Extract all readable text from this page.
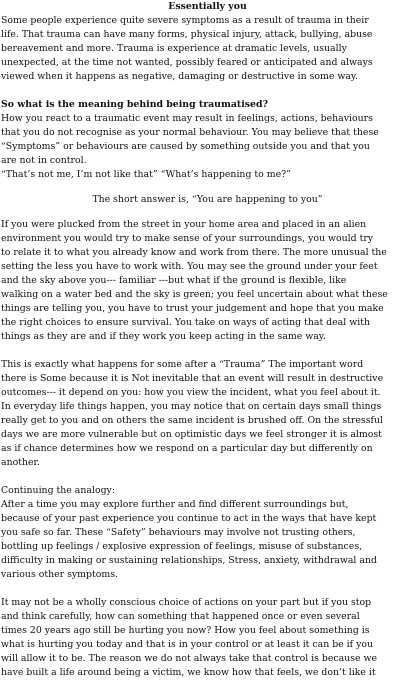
Essentially you
Some people experience quite severe symptoms as a result of trauma in their
life. That trauma can have many forms, physical injury, attack, bullying, abuse
bereavement and more. Trauma is experience at dramatic levels, usually
unexpected, at the time not wanted, possibly feared or anticipated and always
viewed when it happens as negative, damaging or destructive in some way.
So what is the meaning behind being traumatised?
How you react to a traumatic event may result in feelings, actions, behaviours
that you do not recognise as your normal behaviour. You may believe that these
“Symptoms” or behaviours are caused by something outside you and that you
are not in control.
“That’s not me, I’m not like that” “What’s happening to me?”
The short answer is, “You are happening to you”
If you were plucked from the street in your home area and placed in an alien
environment you would try to make sense of your surroundings, you would try
to relate it to what you already know and work from there. The more unusual the
setting the less you have to work with. You may see the ground under your feet
and the sky above you--- familiar ---but what if the ground is flexible, like
walking on a water bed and the sky is green; you feel uncertain about what these
things are telling you, you have to trust your judgement and hope that you make
the right choices to ensure survival. You take on ways of acting that deal with
things as they are and if they work you keep acting in the same way.
This is exactly what happens for some after a “Trauma” The important word
there is Some because it is Not inevitable that an event will result in destructive
outcomes--- it depend on you: how you view the incident, what you feel about it.
In everyday life things happen, you may notice that on certain days small things
really get to you and on others the same incident is brushed off. On the stressful
days we are more vulnerable but on optimistic days we feel stronger it is almost
as if chance determines how we respond on a particular day but differently on
another.
Continuing the analogy:
After a time you may explore further and find different surroundings but,
because of your past experience you continue to act in the ways that have kept
you safe so far. These “Safety” behaviours may involve not trusting others,
bottling up feelings / explosive expression of feelings, misuse of substances,
difficulty in making or sustaining relationships, Stress, anxiety, withdrawal and
various other symptoms.
It may not be a wholly conscious choice of actions on your part but if you stop
and think carefully, how can something that happened once or even several
times 20 years ago still be hurting you now? How you feel about something is
what is hurting you today and that is in your control or at least it can be if you
will allow it to be. The reason we do not always take that control is because we
have built a life around being a victim, we know how that feels, we don’t like it
